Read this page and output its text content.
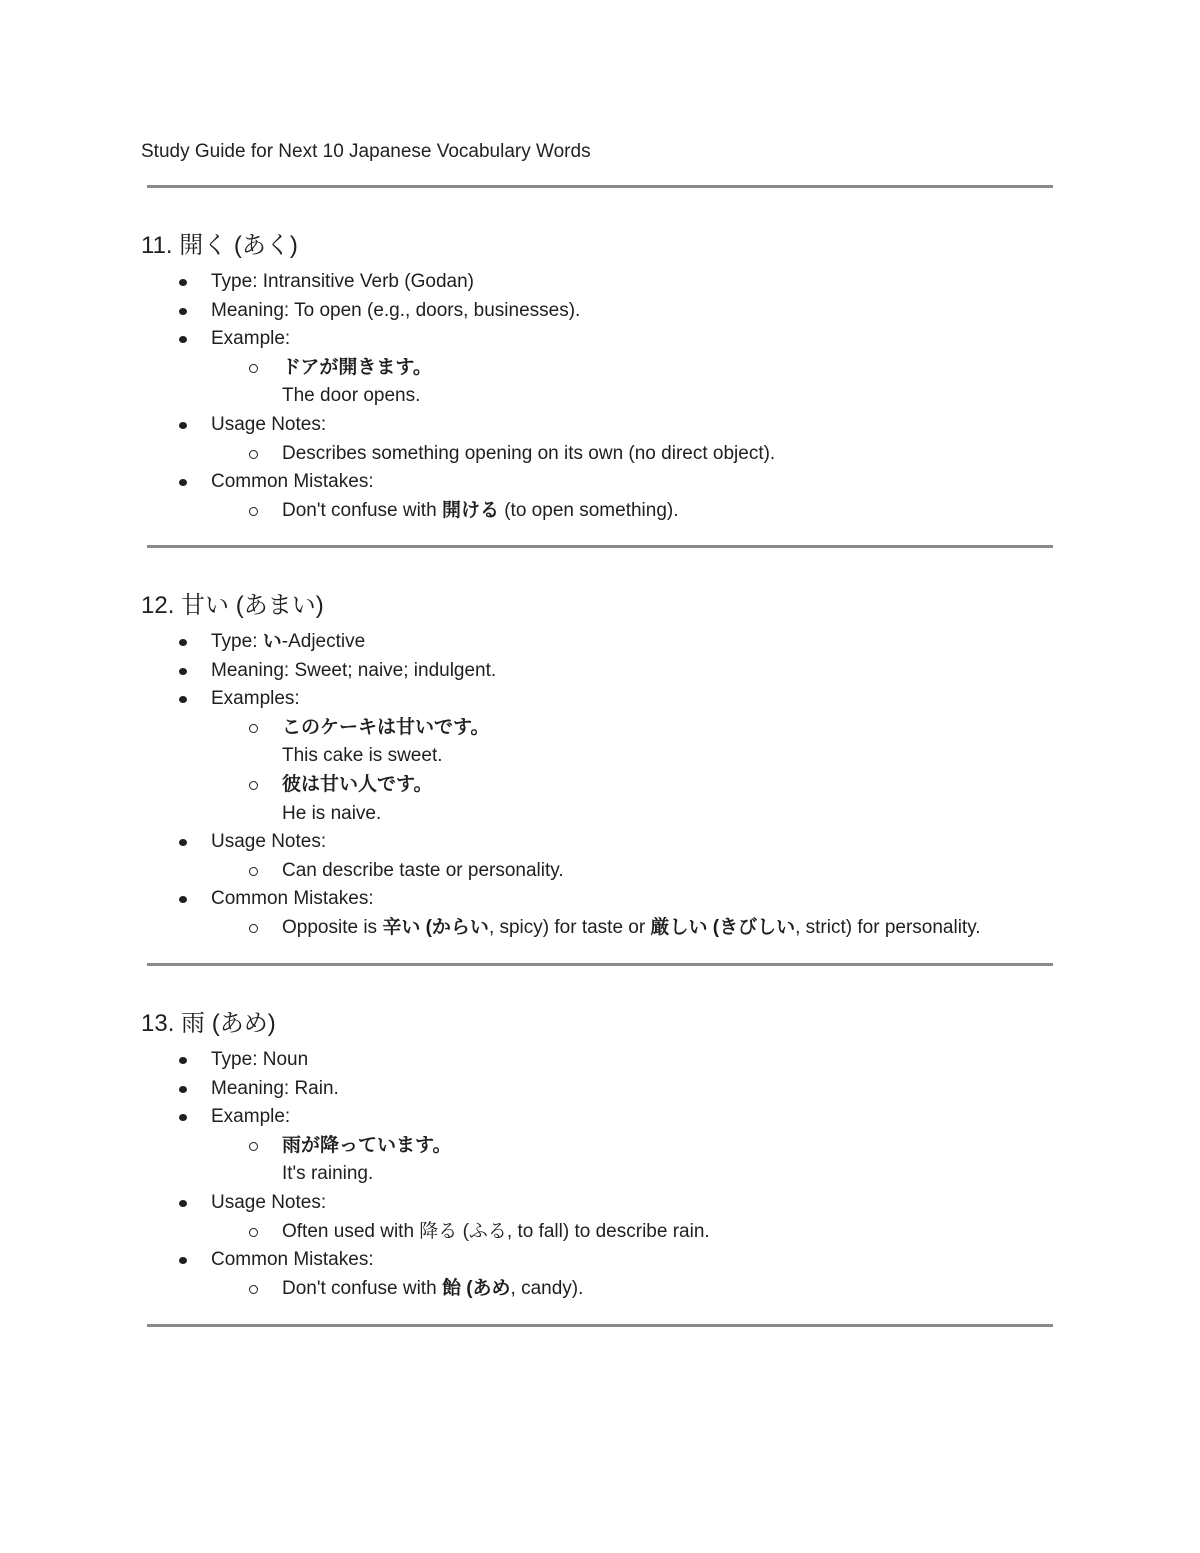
Study Guide for Next 10 Japanese Vocabulary Words
11. 開く (あく)
Type: Intransitive Verb (Godan)
Meaning: To open (e.g., doors, businesses).
Example:
ドアが開きます。
The door opens.
Usage Notes:
Describes something opening on its own (no direct object).
Common Mistakes:
Don't confuse with 開ける (to open something).
12. 甘い (あまい)
Type: い-Adjective
Meaning: Sweet; naive; indulgent.
Examples:
このケーキは甘いです。
This cake is sweet.
彼は甘い人です。
He is naive.
Usage Notes:
Can describe taste or personality.
Common Mistakes:
Opposite is 辛い (からい, spicy) for taste or 厳しい (きびしい, strict) for personality.
13. 雨 (あめ)
Type: Noun
Meaning: Rain.
Example:
雨が降っています。
It's raining.
Usage Notes:
Often used with 降る (ふる, to fall) to describe rain.
Common Mistakes:
Don't confuse with 飴 (あめ, candy).
